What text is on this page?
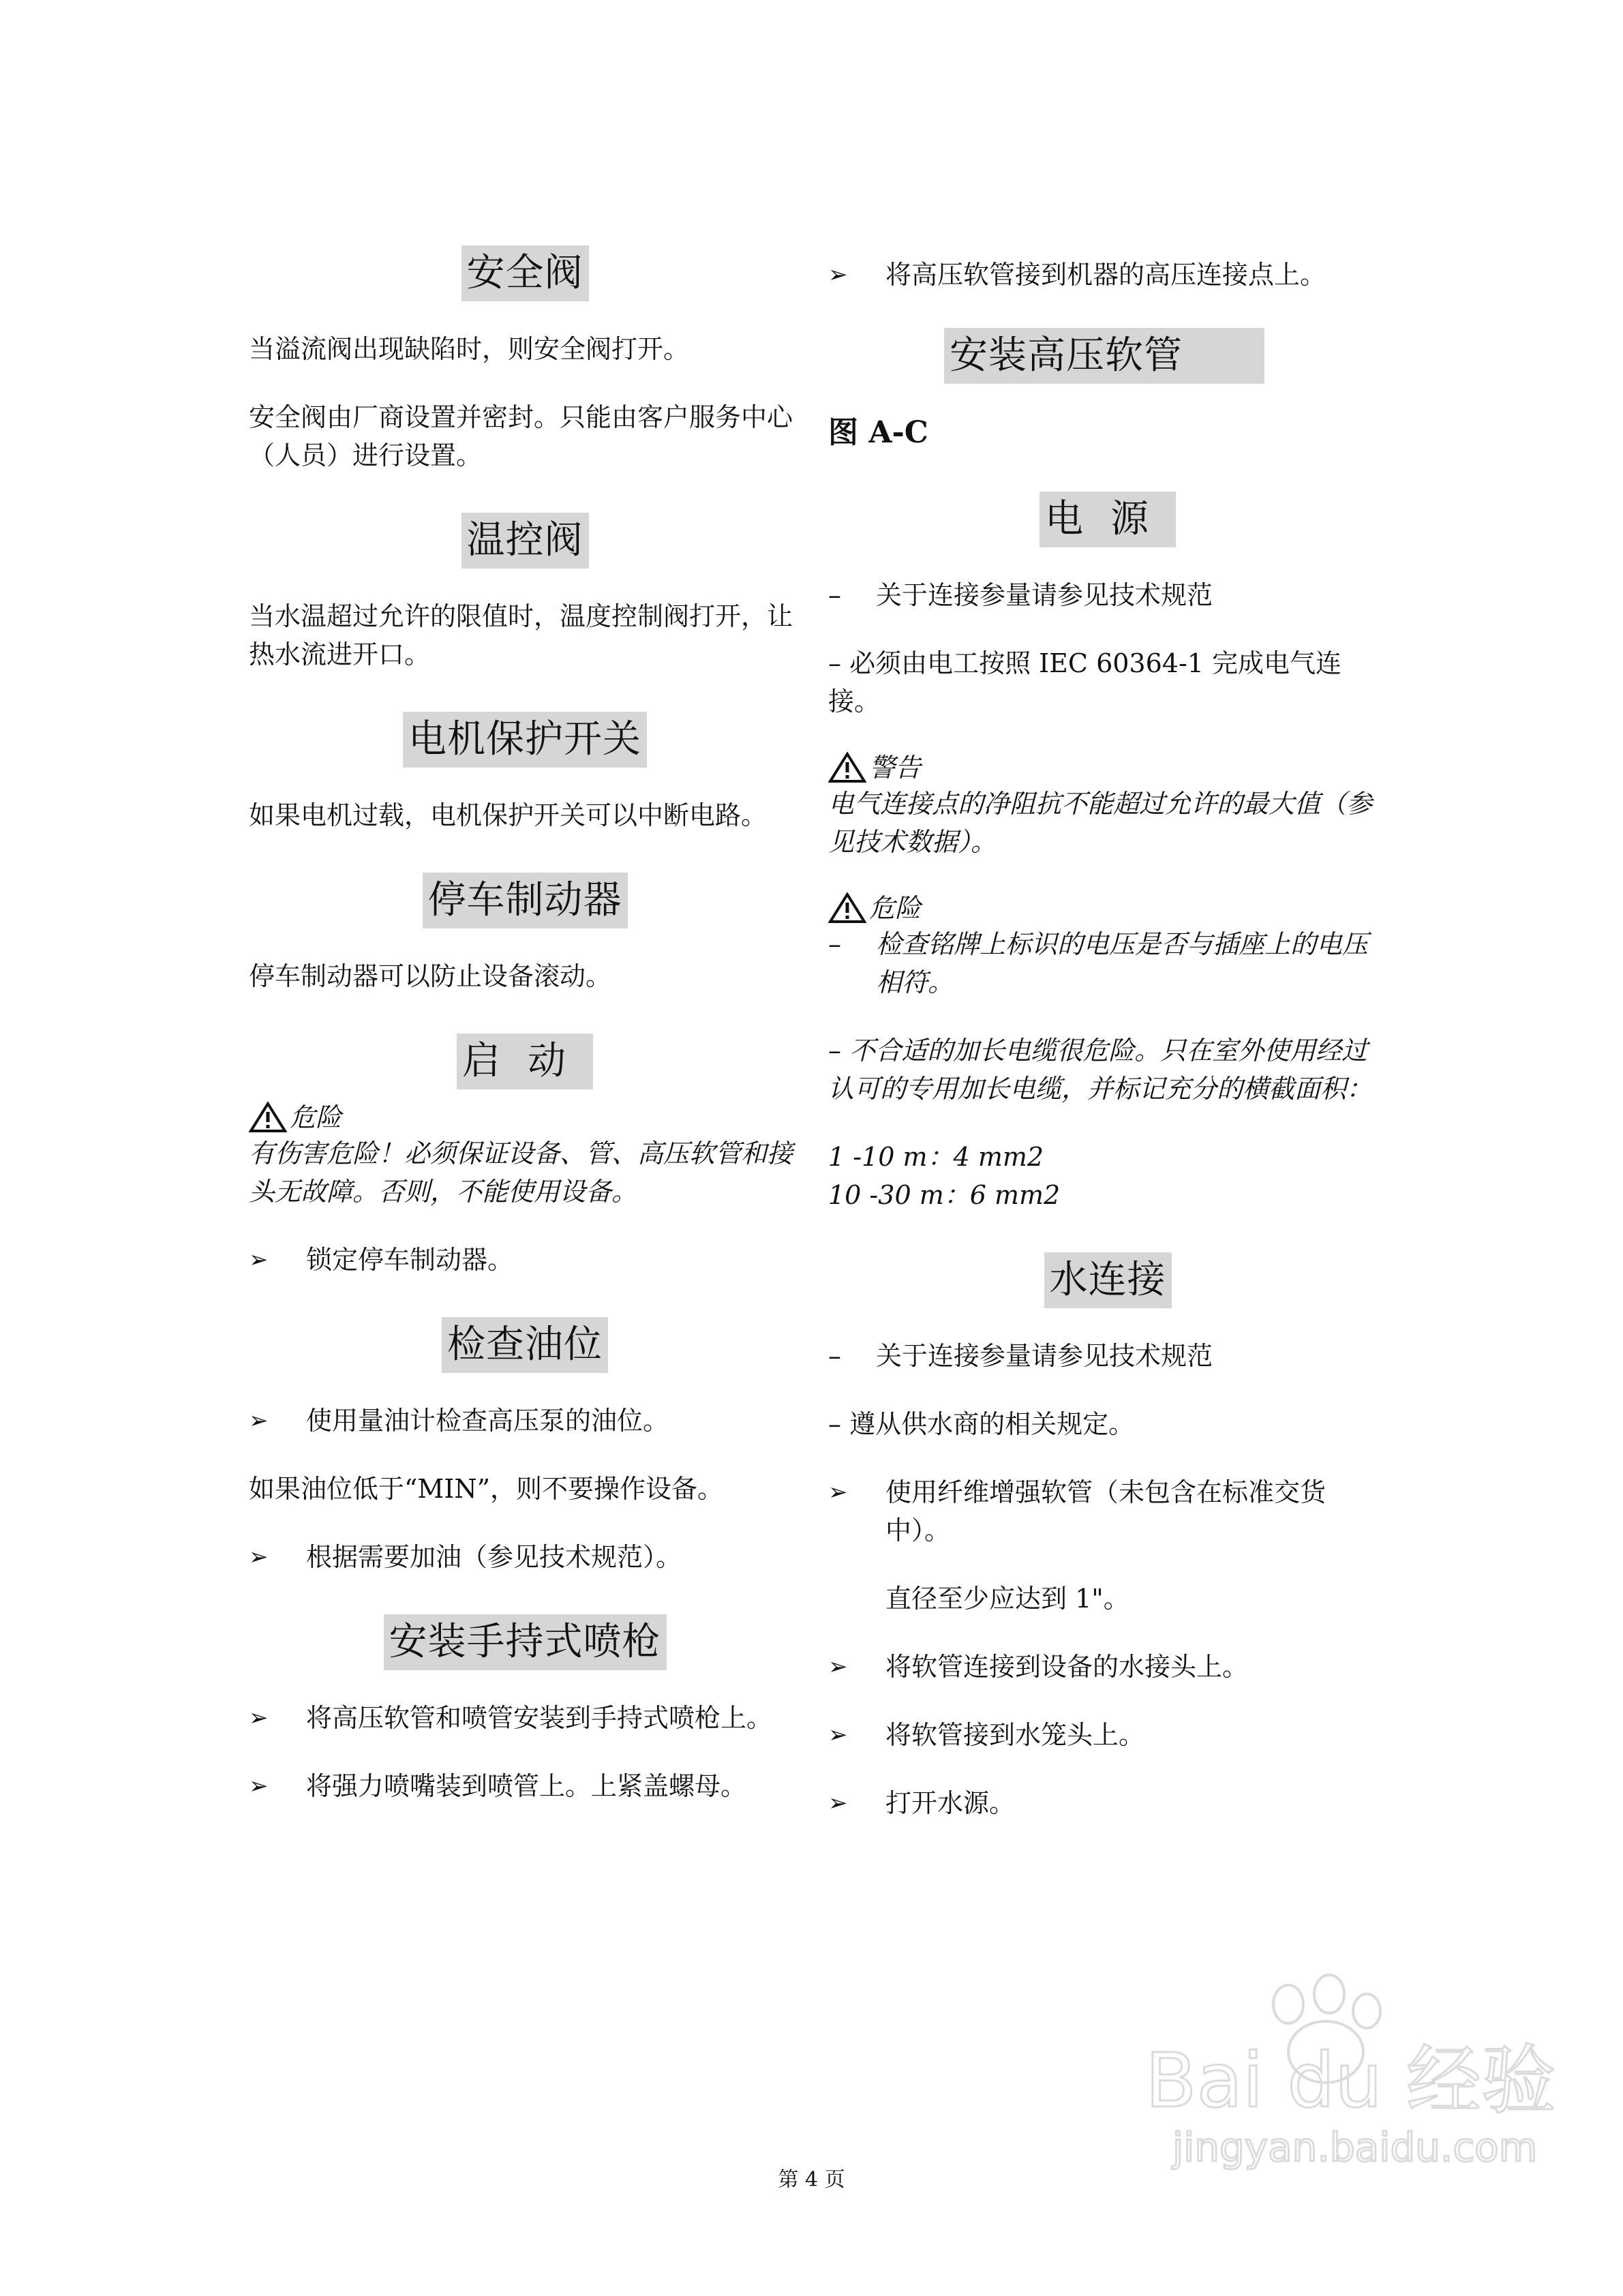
安全阀

当溢流阀出现缺陷时，则安全阀打开。

安全阀由厂商设置并密封。只能由客户服务中心（人员）进行设置。

温控阀

当水温超过允许的限值时，温度控制阀打开，让热水流进开口。

电机保护开关

如果电机过载，电机保护开关可以中断电路。

停车制动器

停车制动器可以防止设备滚动。

启动
危险

有伤害危险！必须保证设备、管、高压软管和接头无故障。否则，不能使用设备。

➢	锁定停车制动器。
检查油位
➢	使用量油计检查高压泵的油位。

如果油位低于“MIN”，则不要操作设备。

➢	根据需要加油（参见技术规范）。
安装手持式喷枪
➢	将高压软管和喷管安装到手持式喷枪上。
➢	将强力喷嘴装到喷管上。上紧盖螺母。
➢	将高压软管接到机器的高压连接点上。
安装高压软管
图 A-C
电源
–	关于连接参量请参见技术规范

– 必须由电工按照 IEC 60364-1 完成电气连接。

警告

电气连接点的净阻抗不能超过允许的最大值（参见技术数据）。

危险
–	检查铭牌上标识的电压是否与插座上的电压相符。

– 不合适的加长电缆很危险。只在室外使用经过认可的专用加长电缆，并标记充分的横截面积：

1 -10 m：4 mm2
10 -30 m：6 mm2

水连接
–	关于连接参量请参见技术规范

– 遵从供水商的相关规定。

➢	使用纤维增强软管（未包含在标准交货中）。
直径至少应达到 1"。
➢	将软管连接到设备的水接头上。
➢	将软管接到水笼头上。
➢	打开水源。
Bai du 经验
jingyan.baidu.com
第 4 页
